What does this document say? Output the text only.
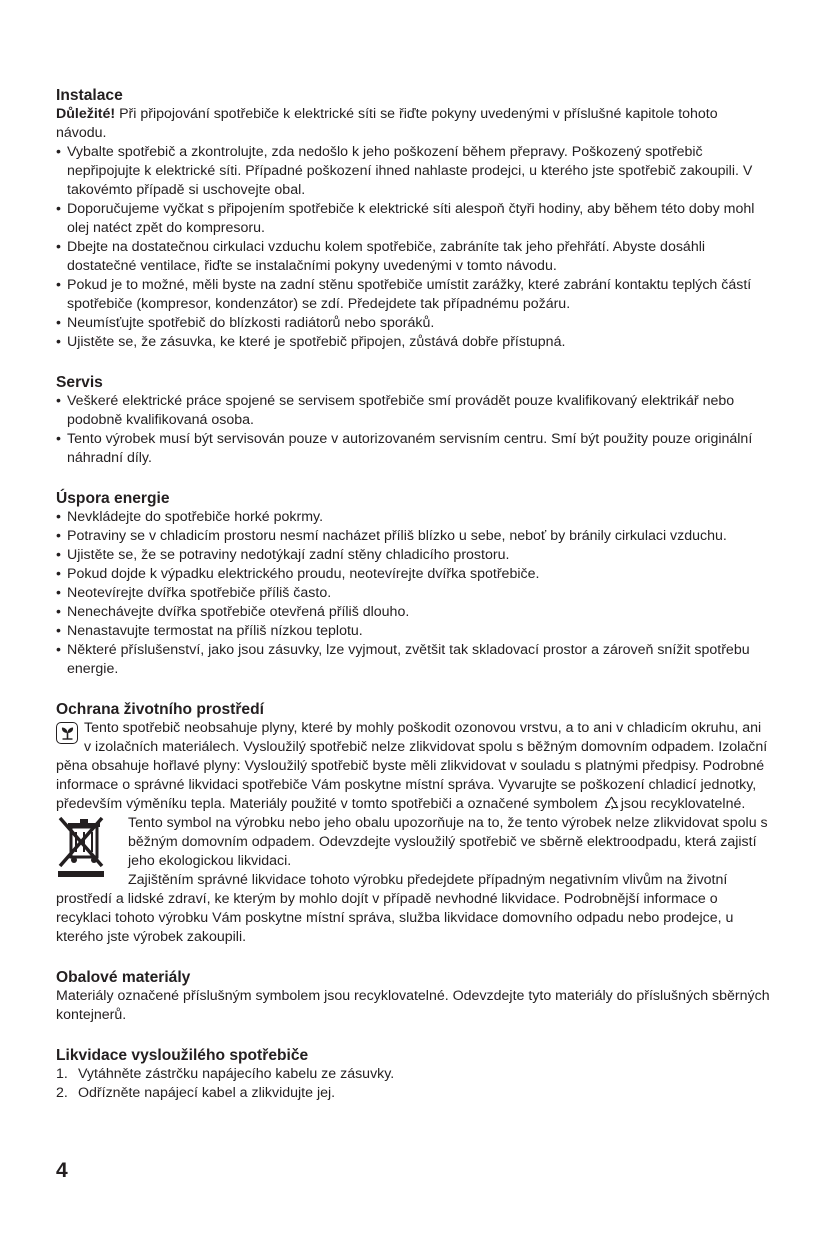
Instalace

Důležité! Při připojování spotřebiče k elektrické síti se řiďte pokyny uvedenými v příslušné kapitole tohoto návodu.

• Vybalte spotřebič a zkontrolujte, zda nedošlo k jeho poškození během přepravy. Poškozený spotřebič nepřipojujte k elektrické síti. Případné poškození ihned nahlaste prodejci, u kterého jste spotřebič zakoupili. V takovémto případě si uschovejte obal.
• Doporučujeme vyčkat s připojením spotřebiče k elektrické síti alespoň čtyři hodiny, aby během této doby mohl olej natéct zpět do kompresoru.
• Dbejte na dostatečnou cirkulaci vzduchu kolem spotřebiče, zabráníte tak jeho přehřátí. Abyste dosáhli dostatečné ventilace, řiďte se instalačními pokyny uvedenými v tomto návodu.
• Pokud je to možné, měli byste na zadní stěnu spotřebiče umístit zarážky, které zabrání kontaktu teplých částí spotřebiče (kompresor, kondenzátor) se zdí. Předejdete tak případnému požáru.
• Neumísťujte spotřebič do blízkosti radiátorů nebo sporáků.
• Ujistěte se, že zásuvka, ke které je spotřebič připojen, zůstává dobře přístupná.
Servis
• Veškeré elektrické práce spojené se servisem spotřebiče smí provádět pouze kvalifikovaný elektrikář nebo podobně kvalifikovaná osoba.
• Tento výrobek musí být servisován pouze v autorizovaném servisním centru. Smí být použity pouze originální náhradní díly.
Úspora energie
• Nevkládejte do spotřebiče horké pokrmy.
• Potraviny se v chladicím prostoru nesmí nacházet příliš blízko u sebe, neboť by bránily cirkulaci vzduchu.
• Ujistěte se, že se potraviny nedotýkají zadní stěny chladicího prostoru.
• Pokud dojde k výpadku elektrického proudu, neotevírejte dvířka spotřebiče.
• Neotevírejte dvířka spotřebiče příliš často.
• Nenechávejte dvířka spotřebiče otevřená příliš dlouho.
• Nenastavujte termostat na příliš nízkou teplotu.
• Některé příslušenství, jako jsou zásuvky, lze vyjmout, zvětšit tak skladovací prostor a zároveň snížit spotřebu energie.
Ochrana životního prostředí

Tento spotřebič neobsahuje plyny, které by mohly poškodit ozonovou vrstvu, a to ani v chladicím okruhu, ani v izolačních materiálech. Vysloužilý spotřebič nelze zlikvidovat spolu s běžným domovním odpadem. Izolační pěna obsahuje hořlavé plyny: Vysloužilý spotřebič byste měli zlikvidovat v souladu s platnými předpisy. Podrobné informace o správné likvidaci spotřebiče Vám poskytne místní správa. Vyvarujte se poškození chladicí jednotky, především výměníku tepla. Materiály použité v tomto spotřebiči a označené symbolem jsou recyklovatelné.

Tento symbol na výrobku nebo jeho obalu upozorňuje na to, že tento výrobek nelze zlikvidovat spolu s běžným domovním odpadem. Odevzdejte vysloužilý spotřebič ve sběrně elektroodpadu, která zajistí jeho ekologickou likvidaci.

Zajištěním správné likvidace tohoto výrobku předejdete případným negativním vlivům na životní prostředí a lidské zdraví, ke kterým by mohlo dojít v případě nevhodné likvidace. Podrobnější informace o recyklaci tohoto výrobku Vám poskytne místní správa, služba likvidace domovního odpadu nebo prodejce, u kterého jste výrobek zakoupili.

Obalové materiály

Materiály označené příslušným symbolem jsou recyklovatelné. Odevzdejte tyto materiály do příslušných sběrných kontejnerů.

Likvidace vysloužilého spotřebiče
1. Vytáhněte zástrčku napájecího kabelu ze zásuvky.
2. Odřízněte napájecí kabel a zlikvidujte jej.
4
